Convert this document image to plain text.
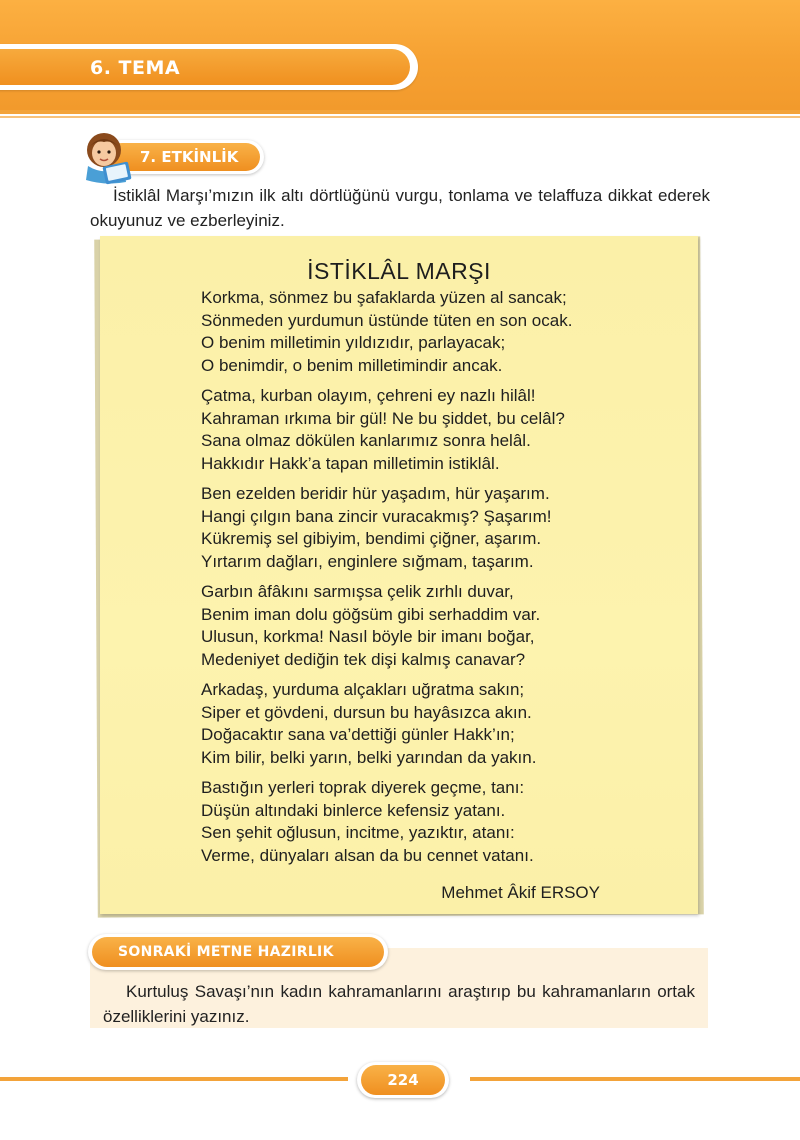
6. TEMA
7. ETKİNLİK

İstiklâl Marşı’mızın ilk altı dörtlüğünü vurgu, tonlama ve telaffuza dikkat ederek okuyunuz ve ezberleyiniz.

İSTİKLÂL MARŞI
Korkma, sönmez bu şafaklarda yüzen al sancak;
Sönmeden yurdumun üstünde tüten en son ocak.
O benim milletimin yıldızıdır, parlayacak;
O benimdir, o benim milletimindir ancak.
Çatma, kurban olayım, çehreni ey nazlı hilâl!
Kahraman ırkıma bir gül! Ne bu şiddet, bu celâl?
Sana olmaz dökülen kanlarımız sonra helâl.
Hakkıdır Hakk’a tapan milletimin istiklâl.
Ben ezelden beridir hür yaşadım, hür yaşarım.
Hangi çılgın bana zincir vuracakmış? Şaşarım!
Kükremiş sel gibiyim, bendimi çiğner, aşarım.
Yırtarım dağları, enginlere sığmam, taşarım.
Garbın âfâkını sarmışsa çelik zırhlı duvar,
Benim iman dolu göğsüm gibi serhaddim var.
Ulusun, korkma! Nasıl böyle bir imanı boğar,
Medeniyet dediğin tek dişi kalmış canavar?
Arkadaş, yurduma alçakları uğratma sakın;
Siper et gövdeni, dursun bu hayâsızca akın.
Doğacaktır sana va’dettiği günler Hakk’ın;
Kim bilir, belki yarın, belki yarından da yakın.
Bastığın yerleri toprak diyerek geçme, tanı:
Düşün altındaki binlerce kefensiz yatanı.
Sen şehit oğlusun, incitme, yazıktır, atanı:
Verme, dünyaları alsan da bu cennet vatanı.
Mehmet Âkif ERSOY
SONRAKİ METNE HAZIRLIK

Kurtuluş Savaşı’nın kadın kahramanlarını araştırıp bu kahramanların ortak özelliklerini yazınız.

224
